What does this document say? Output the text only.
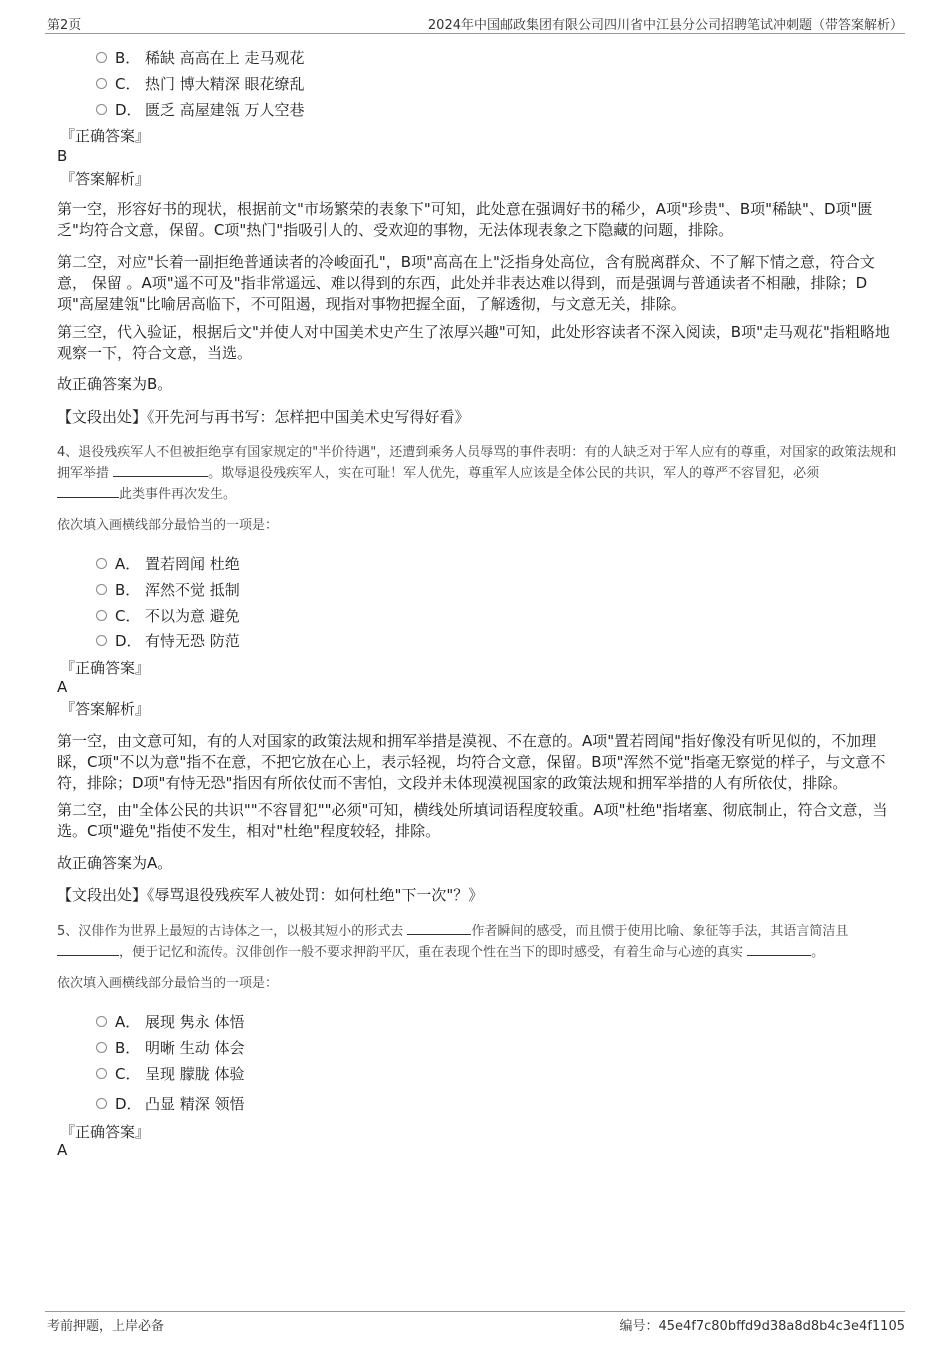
第2页	2024年中国邮政集团有限公司四川省中江县分公司招聘笔试冲刺题（带答案解析）
B． 稀缺 高高在上 走马观花
C． 热门 博大精深 眼花缭乱
D． 匮乏 高屋建瓴 万人空巷
『正确答案』
B
『答案解析』

第一空，形容好书的现状，根据前文"市场繁荣的表象下"可知，此处意在强调好书的稀少，A项"珍贵"、B项"稀缺"、D项"匮乏"均符合文意，保留。C项"热门"指吸引人的、受欢迎的事物，无法体现表象之下隐藏的问题，排除。

第二空，对应"长着一副拒绝普通读者的冷峻面孔"，B项"高高在上"泛指身处高位，含有脱离群众、不了解下情之意，符合文意， 保留 。A项"遥不可及"指非常遥远、难以得到的东西，此处并非表达难以得到，而是强调与普通读者不相融，排除；D项"高屋建瓴"比喻居高临下，不可阻遏，现指对事物把握全面，了解透彻，与文意无关，排除。

第三空，代入验证，根据后文"并使人对中国美术史产生了浓厚兴趣"可知，此处形容读者不深入阅读，B项"走马观花"指粗略地观察一下，符合文意，当选。

故正确答案为B。

【文段出处】《开先河与再书写：怎样把中国美术史写得好看》

4、退役残疾军人不但被拒绝享有国家规定的"半价待遇"，还遭到乘务人员辱骂的事件表明：有的人缺乏对于军人应有的尊重，对国家的政策法规和拥军举措	。欺辱退役残疾军人，实在可耻！军人优先，尊重军人应该是全体公民的共识，军人的尊严不容冒犯，必须
此类事件再次发生。

依次填入画横线部分最恰当的一项是：

A． 置若罔闻 杜绝
B． 浑然不觉 抵制
C． 不以为意 避免
D． 有恃无恐 防范
『正确答案』
A
『答案解析』

第一空，由文意可知，有的人对国家的政策法规和拥军举措是漠视、不在意的。A项"置若罔闻"指好像没有听见似的，不加理睬，C项"不以为意"指不在意，不把它放在心上，表示轻视，均符合文意，保留。B项"浑然不觉"指毫无察觉的样子，与文意不符，排除；D项"有恃无恐"指因有所依仗而不害怕，文段并未体现漠视国家的政策法规和拥军举措的人有所依仗，排除。

第二空，由"全体公民的共识""不容冒犯""必须"可知，横线处所填词语程度较重。A项"杜绝"指堵塞、彻底制止，符合文意，当选。C项"避免"指使不发生，相对"杜绝"程度较轻，排除。

故正确答案为A。

【文段出处】《辱骂退役残疾军人被处罚：如何杜绝"下一次"？》

5、汉俳作为世界上最短的古诗体之一，以极其短小的形式去	作者瞬间的感受，而且惯于使用比喻、象征等手法，其语言简洁且
，便于记忆和流传。汉俳创作一般不要求押韵平仄，重在表现个性在当下的即时感受，有着生命与心迹的真实	。

依次填入画横线部分最恰当的一项是：

A． 展现 隽永 体悟
B． 明晰 生动 体会
C． 呈现 朦胧 体验
D． 凸显 精深 领悟
『正确答案』
A
考前押题，上岸必备	编号：45e4f7c80bffd9d38a8d8b4c3e4f1105
